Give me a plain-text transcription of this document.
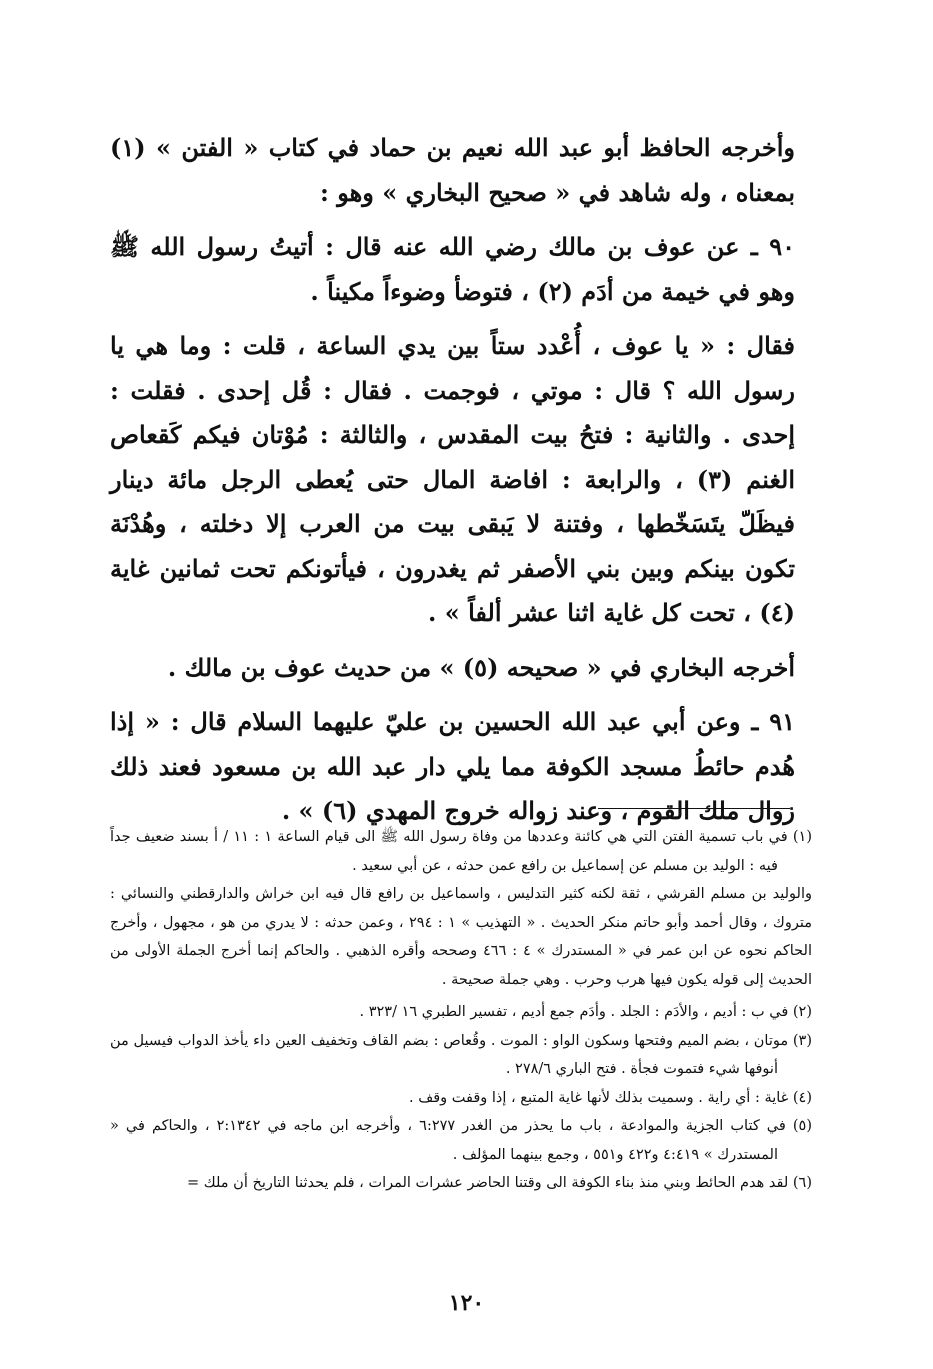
وأخرجه الحافظ أبو عبد الله نعيم بن حماد في كتاب « الفتن » (١) بمعناه ، وله شاهد في « صحيح البخاري » وهو :

٩٠ ـ عن عوف بن مالك رضي الله عنه قال : أتيتُ رسول الله ﷺ وهو في خيمة من أدَم (٢) ، فتوضأ وضوءاً مكيناً .

فقال : « يا عوف ، أُعْدد ستاً بين يدي الساعة ، قلت : وما هي يا رسول الله ؟ قال : موتي ، فوجمت . فقال : قُل إحدى . فقلت : إحدى . والثانية : فتحُ بيت المقدس ، والثالثة : مُوْتان فيكم كَقعاص الغنم (٣) ، والرابعة : افاضة المال حتى يُعطى الرجل مائة دينار فيظَلّ يتَسَخّطها ، وفتنة لا يَبقى بيت من العرب إلا دخلته ، وهُدْنَة تكون بينكم وبين بني الأصفر ثم يغدرون ، فيأتونكم تحت ثمانين غاية (٤) ، تحت كل غاية اثنا عشر ألفاً » .

أخرجه البخاري في « صحيحه (٥) » من حديث عوف بن مالك .

٩١ ـ وعن أبي عبد الله الحسين بن عليّ عليهما السلام قال : « إذا هُدم حائطُ مسجد الكوفة مما يلي دار عبد الله بن مسعود فعند ذلك زوال ملك القوم ، وعند زواله خروج المهدي (٦) » .

(١) في باب تسمية الفتن التي هي كائنة وعددها من وفاة رسول الله ﷺ الى قيام الساعة ١ : ١١ / أ بسند ضعيف جداً فيه : الوليد بن مسلم عن إسماعيل بن رافع عمن حدثه ، عن أبي سعيد .

والوليد بن مسلم القرشي ، ثقة لكنه كثير التدليس ، واسماعيل بن رافع قال فيه ابن خراش والدارقطني والنسائي : متروك ، وقال أحمد وأبو حاتم منكر الحديث . « التهذيب » ١ : ٢٩٤ ، وعمن حدثه : لا يدري من هو ، مجهول ، وأخرج الحاكم نحوه عن ابن عمر في « المستدرك » ٤ : ٤٦٦ وصححه وأقره الذهبي . والحاكم إنما أخرج الجملة الأولى من الحديث إلى قوله يكون فيها هرب وحرب . وهي جملة صحيحة .

(٢) في ب : أديم ، والأدَم : الجلد . وأدَم جمع أديم ، تفسير الطبري ١٦ /٣٢٣ .

(٣) موتان ، بضم الميم وفتحها وسكون الواو : الموت . وقُعاص : بضم القاف وتخفيف العين داء يأخذ الدواب فيسيل من أنوفها شيء فتموت فجأة . فتح الباري ٢٧٨/٦ .

(٤) غاية : أي راية . وسميت بذلك لأنها غاية المتبع ، إذا وقفت وقف .

(٥) في كتاب الجزية والموادعة ، باب ما يحذر من الغدر ٦:٢٧٧ ، وأخرجه ابن ماجه في ٢:١٣٤٢ ، والحاكم في « المستدرك » ٤:٤١٩ و٤٢٢ و٥٥١ ، وجمع بينهما المؤلف .

(٦) لقد هدم الحائط وبني منذ بناء الكوفة الى وقتنا الحاضر عشرات المرات ، فلم يحدثنا التاريخ أن ملك =

١٢٠
